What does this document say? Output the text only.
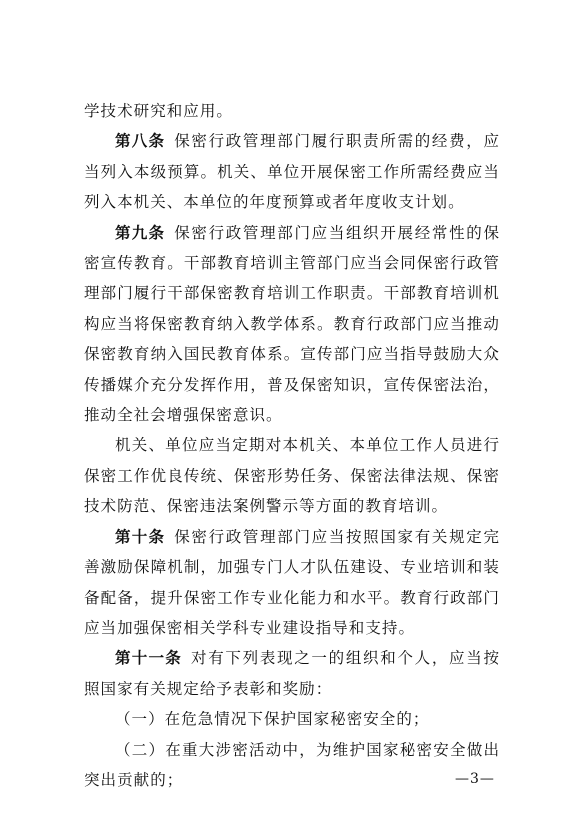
学技术研究和应用。

第八条 保密行政管理部门履行职责所需的经费，应当列入本级预算。机关、单位开展保密工作所需经费应当列入本机关、本单位的年度预算或者年度收支计划。

第九条 保密行政管理部门应当组织开展经常性的保密宣传教育。干部教育培训主管部门应当会同保密行政管理部门履行干部保密教育培训工作职责。干部教育培训机构应当将保密教育纳入教学体系。教育行政部门应当推动保密教育纳入国民教育体系。宣传部门应当指导鼓励大众传播媒介充分发挥作用，普及保密知识，宣传保密法治，推动全社会增强保密意识。

机关、单位应当定期对本机关、本单位工作人员进行保密工作优良传统、保密形势任务、保密法律法规、保密技术防范、保密违法案例警示等方面的教育培训。

第十条 保密行政管理部门应当按照国家有关规定完善激励保障机制，加强专门人才队伍建设、专业培训和装备配备，提升保密工作专业化能力和水平。教育行政部门应当加强保密相关学科专业建设指导和支持。

第十一条 对有下列表现之一的组织和个人，应当按照国家有关规定给予表彰和奖励：

（一）在危急情况下保护国家秘密安全的；

（二）在重大涉密活动中，为维护国家秘密安全做出突出贡献的；	—3—
